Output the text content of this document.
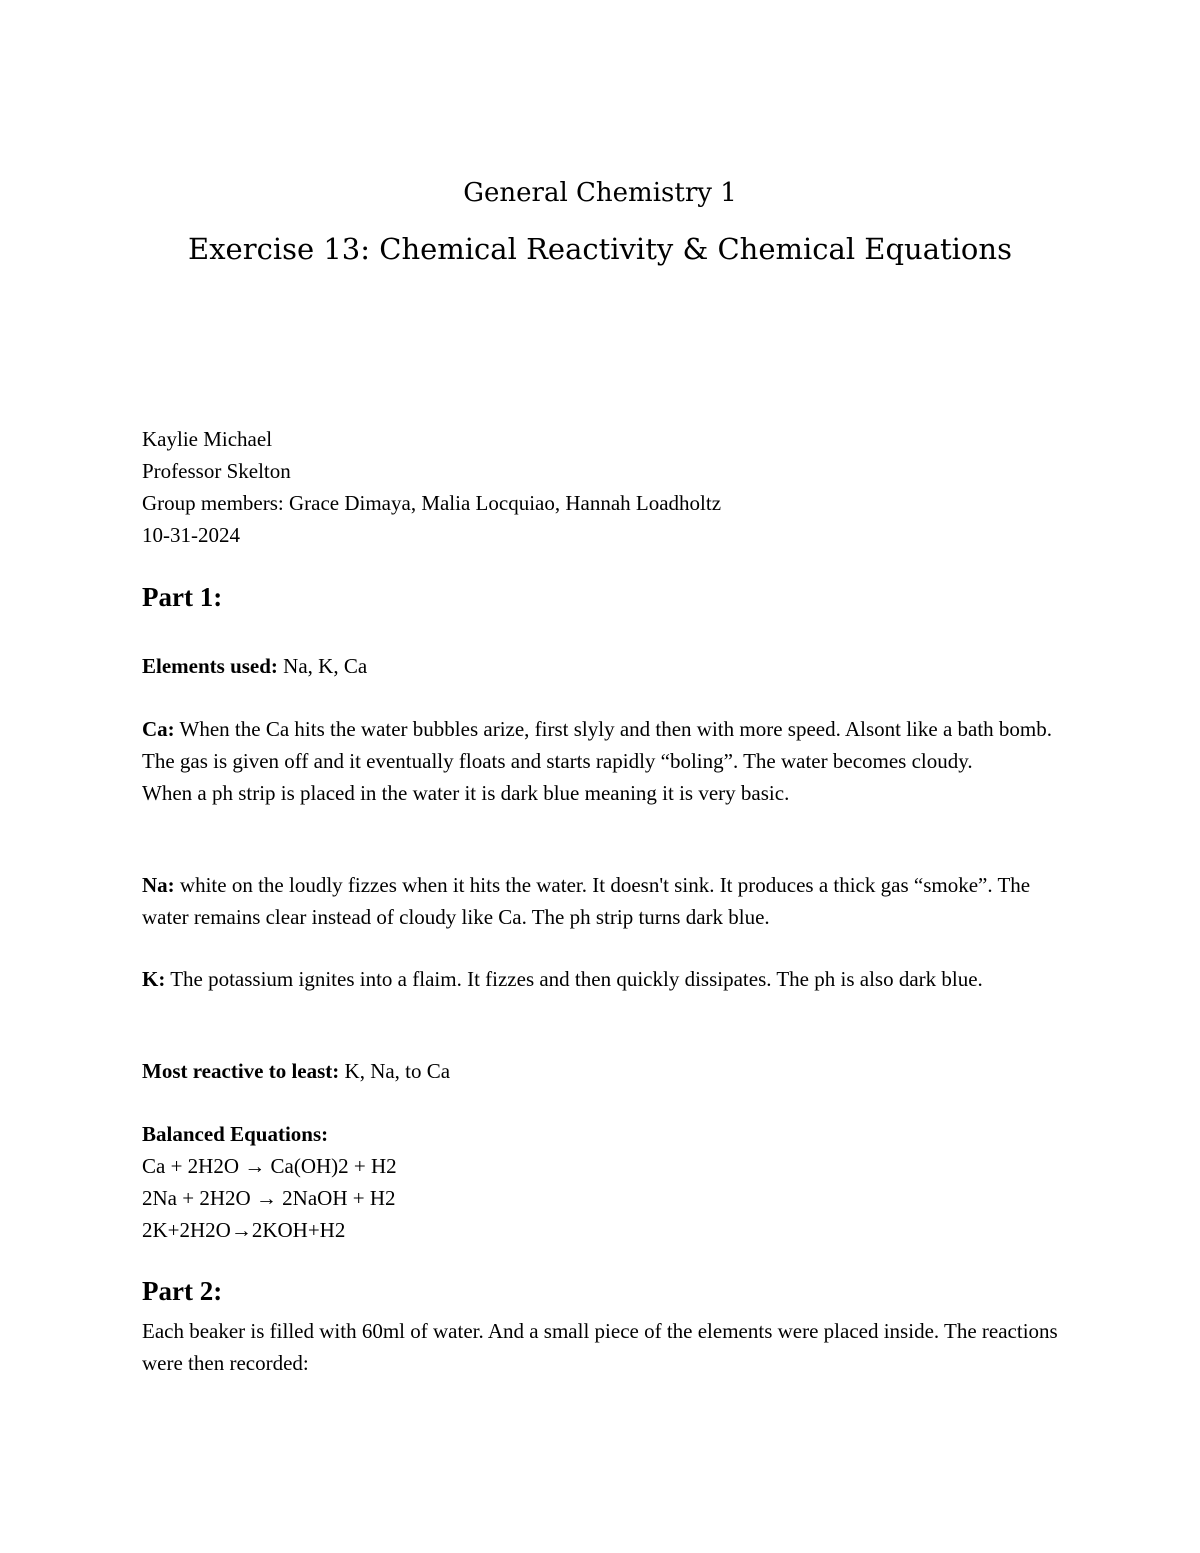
General Chemistry 1
Exercise 13: Chemical Reactivity & Chemical Equations
Kaylie Michael
Professor Skelton
Group members: Grace Dimaya, Malia Locquiao, Hannah Loadholtz
10-31-2024
Part 1:
Elements used: Na, K, Ca
Ca: When the Ca hits the water bubbles arize, first slyly and then with more speed. Alsont like a bath bomb. The gas is given off and it eventually floats and starts rapidly “boling”. The water becomes cloudy.
When a ph strip is placed in the water it is dark blue meaning it is very basic.
Na: white on the loudly fizzes when it hits the water. It doesn't sink. It produces a thick gas “smoke”. The water remains clear instead of cloudy like Ca. The ph strip turns dark blue.
K: The potassium ignites into a flaim. It fizzes and then quickly dissipates. The ph is also dark blue.
Most reactive to least: K, Na, to Ca
Balanced Equations:
Ca + 2H2O → Ca(OH)2 + H2
2Na + 2H2O → 2NaOH + H2
2K+2H2O→2KOH+H2
Part 2:
Each beaker is filled with 60ml of water. And a small piece of the elements were placed inside. The reactions were then recorded:
